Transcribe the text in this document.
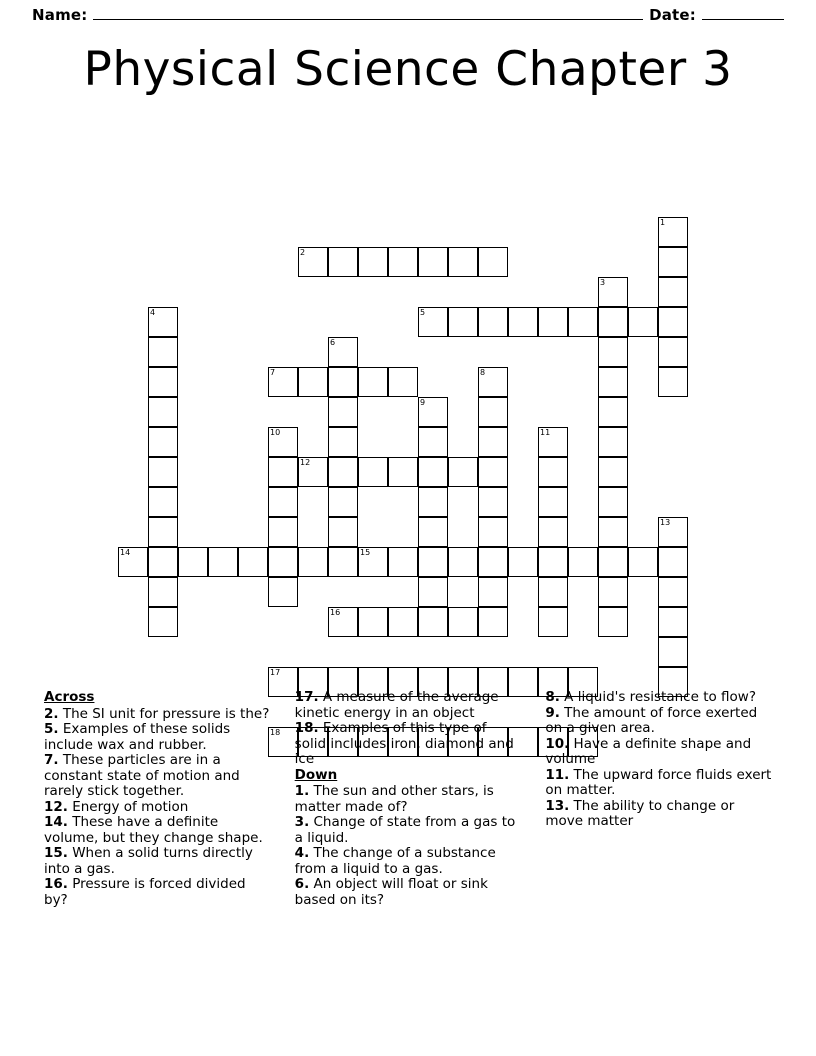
Name:	Date:
Physical Science Chapter 3
1
2
3
4	5
6
7	8
9
10	11
12
13
14	15
16
17
18
Across

2. The SI unit for pressure is the?

5. Examples of these solids include wax and rubber.

7. These particles are in a constant state of motion and rarely stick together.

12. Energy of motion

14. These have a definite volume, but they change shape.

15. When a solid turns directly into a gas.

16. Pressure is forced divided by?

17. A measure of the average kinetic energy in an object

18. Examples of this type of solid includes iron, diamond and ice

Down

1. The sun and other stars, is matter made of?

3. Change of state from a gas to a liquid.

4. The change of a substance from a liquid to a gas.

6. An object will float or sink based on its?

8. A liquid's resistance to flow?

9. The amount of force exerted on a given area.

10. Have a definite shape and volume

11. The upward force fluids exert on matter.

13. The ability to change or move matter
